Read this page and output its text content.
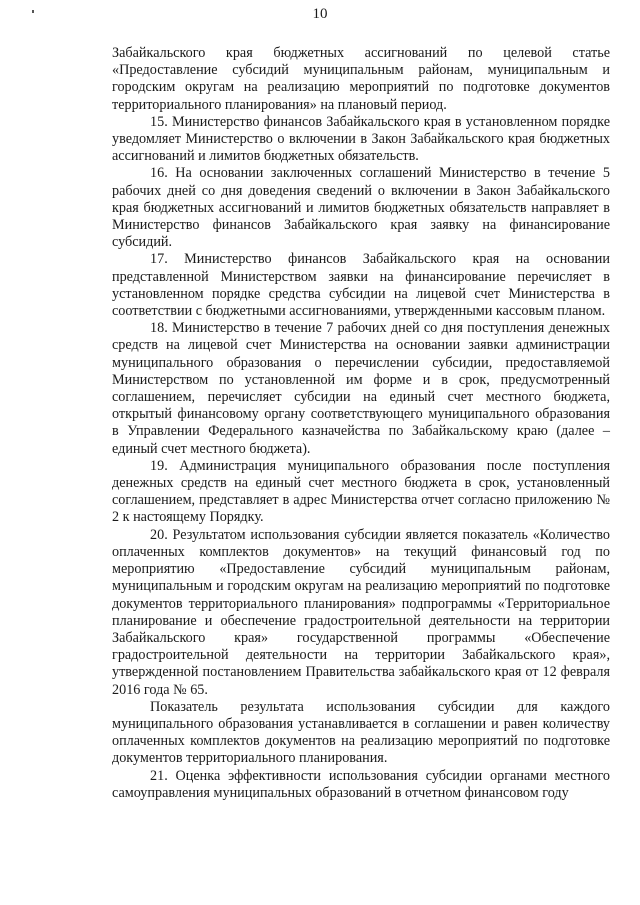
10

Забайкальского края бюджетных ассигнований по целевой статье «Предоставление субсидий муниципальным районам, муниципальным и городским округам на реализацию мероприятий по подготовке документов территориального планирования» на плановый период.

15. Министерство финансов Забайкальского края в установленном порядке уведомляет Министерство о включении в Закон Забайкальского края бюджетных ассигнований и лимитов бюджетных обязательств.

16. На основании заключенных соглашений Министерство в течение 5 рабочих дней со дня доведения сведений о включении в Закон Забайкальского края бюджетных ассигнований и лимитов бюджетных обязательств направляет в Министерство финансов Забайкальского края заявку на финансирование субсидий.

17. Министерство финансов Забайкальского края на основании представленной Министерством заявки на финансирование перечисляет в установленном порядке средства субсидии на лицевой счет Министерства в соответствии с бюджетными ассигнованиями, утвержденными кассовым планом.

18. Министерство в течение 7 рабочих дней со дня поступления денежных средств на лицевой счет Министерства на основании заявки администрации муниципального образования о перечислении субсидии, предоставляемой Министерством по установленной им форме и в срок, предусмотренный соглашением, перечисляет субсидии на единый счет местного бюджета, открытый финансовому органу соответствующего муниципального образования в Управлении Федерального казначейства по Забайкальскому краю (далее – единый счет местного бюджета).

19. Администрация муниципального образования после поступления денежных средств на единый счет местного бюджета в срок, установленный соглашением, представляет в адрес Министерства отчет согласно приложению № 2 к настоящему Порядку.

20. Результатом использования субсидии является показатель «Количество оплаченных комплектов документов» на текущий финансовый год по мероприятию «Предоставление субсидий муниципальным районам, муниципальным и городским округам на реализацию мероприятий по подготовке документов территориального планирования» подпрограммы «Территориальное планирование и обеспечение градостроительной деятельности на территории Забайкальского края» государственной программы «Обеспечение градостроительной деятельности на территории Забайкальского края», утвержденной постановлением Правительства забайкальского края от 12 февраля 2016 года № 65.

Показатель результата использования субсидии для каждого муниципального образования устанавливается в соглашении и равен количеству оплаченных комплектов документов на реализацию мероприятий по подготовке документов территориального планирования.

21. Оценка эффективности использования субсидии органами местного самоуправления муниципальных образований в отчетном финансовом году
